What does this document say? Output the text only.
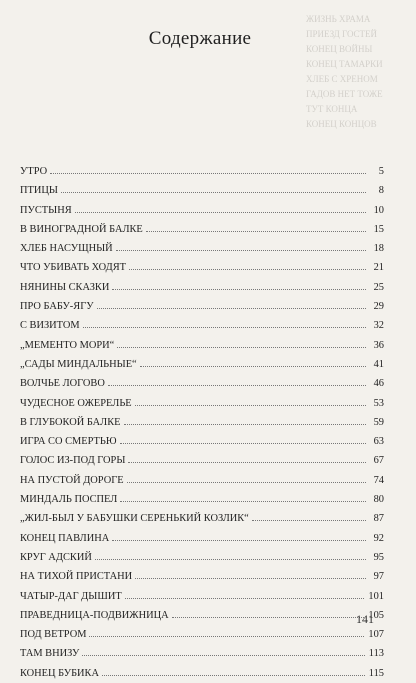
ЖИЗНЬ ХРАМА
ПРИЕЗД ГОСТЕЙ
КОНЕЦ ВОЙНЫ
КОНЕЦ ТАМАРКИ
ХЛЕБ С ХРЕНОМ
ГАДОВ НЕТ ТОЖЕ
ТУТ КОНЦА
КОНЕЦ КОНЦОВ
Содержание
УТРО	5
ПТИЦЫ	8
ПУСТЫНЯ	10
В ВИНОГРАДНОЙ БАЛКЕ	15
ХЛЕБ НАСУЩНЫЙ	18
ЧТО УБИВАТЬ ХОДЯТ	21
НЯНИНЫ СКАЗКИ	25
ПРО БАБУ-ЯГУ	29
С ВИЗИТОМ	32
„МЕМЕНТО МОРИ“	36
„САДЫ МИНДАЛЬНЫЕ“	41
ВОЛЧЬЕ ЛОГОВО	46
ЧУДЕСНОЕ ОЖЕРЕЛЬЕ	53
В ГЛУБОКОЙ БАЛКЕ	59
ИГРА СО СМЕРТЬЮ	63
ГОЛОС ИЗ-ПОД ГОРЫ	67
НА ПУСТОЙ ДОРОГЕ	74
МИНДАЛЬ ПОСПЕЛ	80
„ЖИЛ-БЫЛ У БАБУШКИ СЕРЕНЬКИЙ КОЗЛИК“	87
КОНЕЦ ПАВЛИНА	92
КРУГ АДСКИЙ	95
НА ТИХОЙ ПРИСТАНИ	97
ЧАТЫР-ДАГ ДЫШИТ	101
ПРАВЕДНИЦА-ПОДВИЖНИЦА	105
ПОД ВЕТРОМ	107
ТАМ ВНИЗУ	113
КОНЕЦ БУБИКА	115
141
